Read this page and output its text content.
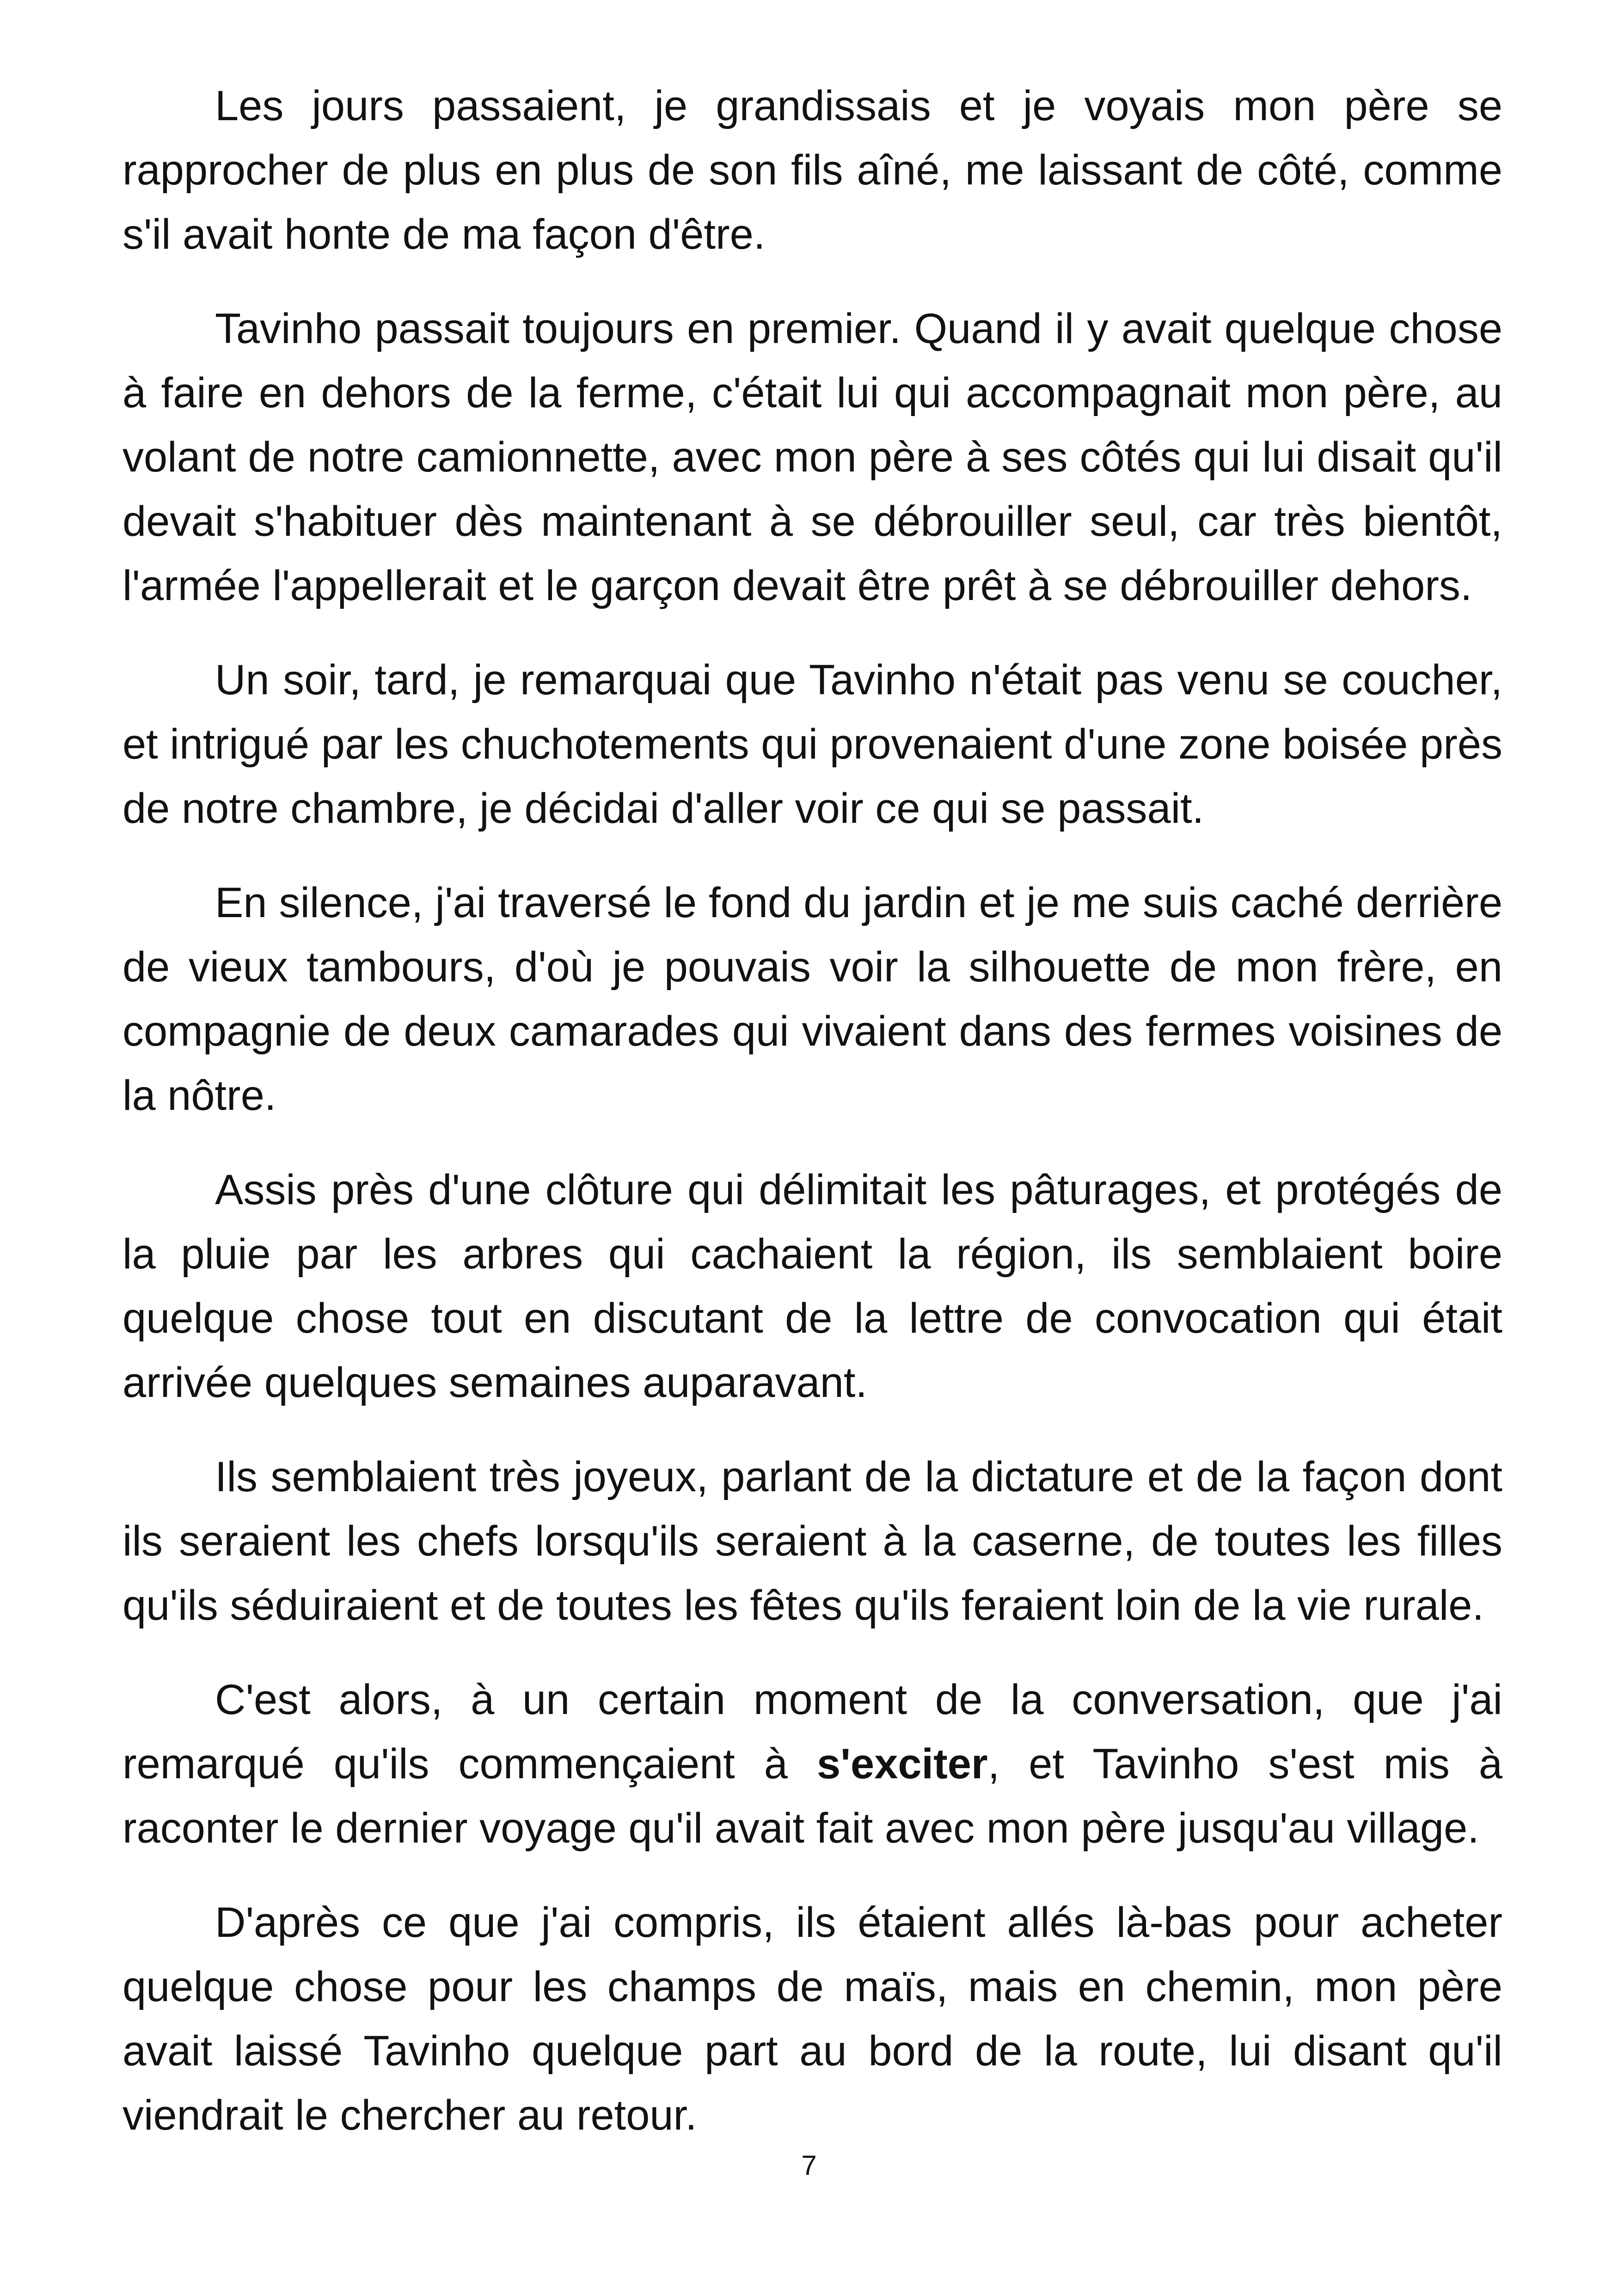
Les jours passaient, je grandissais et je voyais mon père se rapprocher de plus en plus de son fils aîné, me laissant de côté, comme s'il avait honte de ma façon d'être.

Tavinho passait toujours en premier. Quand il y avait quelque chose à faire en dehors de la ferme, c'était lui qui accompagnait mon père, au volant de notre camionnette, avec mon père à ses côtés qui lui disait qu'il devait s'habituer dès maintenant à se débrouiller seul, car très bientôt, l'armée l'appellerait et le garçon devait être prêt à se débrouiller dehors.

Un soir, tard, je remarquai que Tavinho n'était pas venu se coucher, et intrigué par les chuchotements qui provenaient d'une zone boisée près de notre chambre, je décidai d'aller voir ce qui se passait.

En silence, j'ai traversé le fond du jardin et je me suis caché derrière de vieux tambours, d'où je pouvais voir la silhouette de mon frère, en compagnie de deux camarades qui vivaient dans des fermes voisines de la nôtre.

Assis près d'une clôture qui délimitait les pâturages, et protégés de la pluie par les arbres qui cachaient la région, ils semblaient boire quelque chose tout en discutant de la lettre de convocation qui était arrivée quelques semaines auparavant.

Ils semblaient très joyeux, parlant de la dictature et de la façon dont ils seraient les chefs lorsqu'ils seraient à la caserne, de toutes les filles qu'ils séduiraient et de toutes les fêtes qu'ils feraient loin de la vie rurale.

C'est alors, à un certain moment de la conversation, que j'ai remarqué qu'ils commençaient à s'exciter, et Tavinho s'est mis à raconter le dernier voyage qu'il avait fait avec mon père jusqu'au village.

D'après ce que j'ai compris, ils étaient allés là-bas pour acheter quelque chose pour les champs de maïs, mais en chemin, mon père avait laissé Tavinho quelque part au bord de la route, lui disant qu'il viendrait le chercher au retour.

7
